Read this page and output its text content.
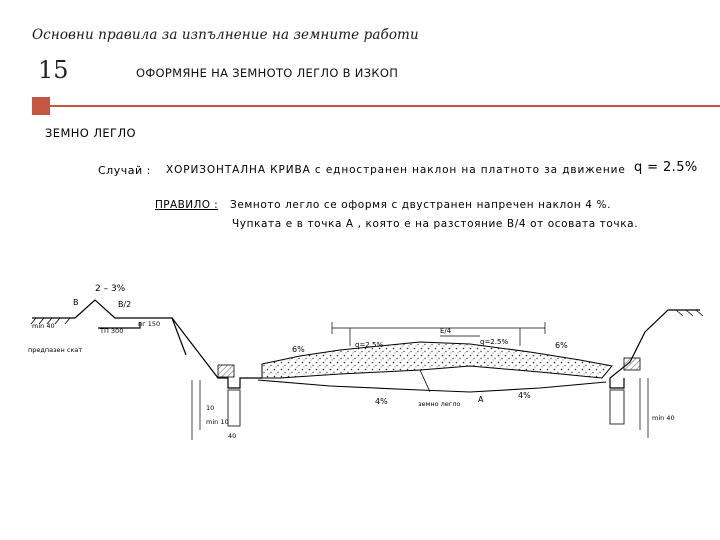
Основни правила за изпълнение на земните работи
15	ОФОРМЯНЕ НА ЗЕМНОТО ЛЕГЛО В ИЗКОП
ЗЕМНО ЛЕГЛО
Случай : ХОРИЗОНТАЛНА КРИВА с едностранен наклон на платното за движение q = 2.5%
ПРАВИЛО : Земното легло се оформя с двустранен напречен наклон 4 %.
Чупката е в точка А , която е на разстояние В/4 от осовата точка.
2 – 3%
В	В/2
min 40
ТП 300
пг 150
предпазен скат	6%	6%
q=2.5%	q=2.5%
Е/4
4%
4%
A
земно легло
10
min 10
40
min 40
